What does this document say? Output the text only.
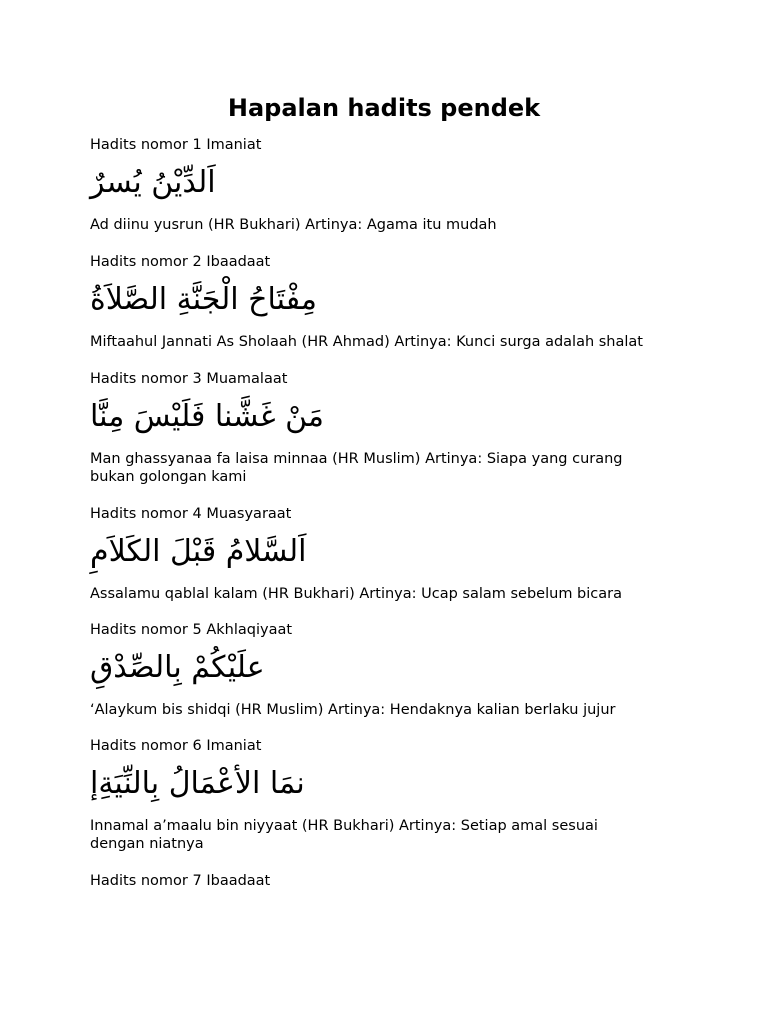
Hapalan hadits pendek

Hadits nomor 1 Imaniat

اَلدِّيْنُ يُسرٌ

Ad diinu yusrun (HR Bukhari) Artinya: Agama itu mudah

Hadits nomor 2 Ibaadaat

مِفْتَاحُ الْجَنَّةِ الصَّلاَةُ

Miftaahul Jannati As Sholaah (HR Ahmad) Artinya: Kunci surga adalah shalat

Hadits nomor 3 Muamalaat

مَنْ غَشَّنا فَلَيْسَ مِنَّا

Man ghassyanaa fa laisa minnaa (HR Muslim) Artinya: Siapa yang curang bukan golongan kami

Hadits nomor 4 Muasyaraat

اَلسَّلامُ قَبْلَ الكَلاَمِ

Assalamu qablal kalam (HR Bukhari) Artinya: Ucap salam sebelum bicara

Hadits nomor 5 Akhlaqiyaat

علَيْكُمْ بِالصِّدْقِ

‘Alaykum bis shidqi (HR Muslim) Artinya: Hendaknya kalian berlaku jujur

Hadits nomor 6 Imaniat

نمَا الأعْمَالُ بِالنِّيَةِإ

Innamal a’maalu bin niyyaat (HR Bukhari) Artinya: Setiap amal sesuai dengan niatnya

Hadits nomor 7 Ibaadaat
